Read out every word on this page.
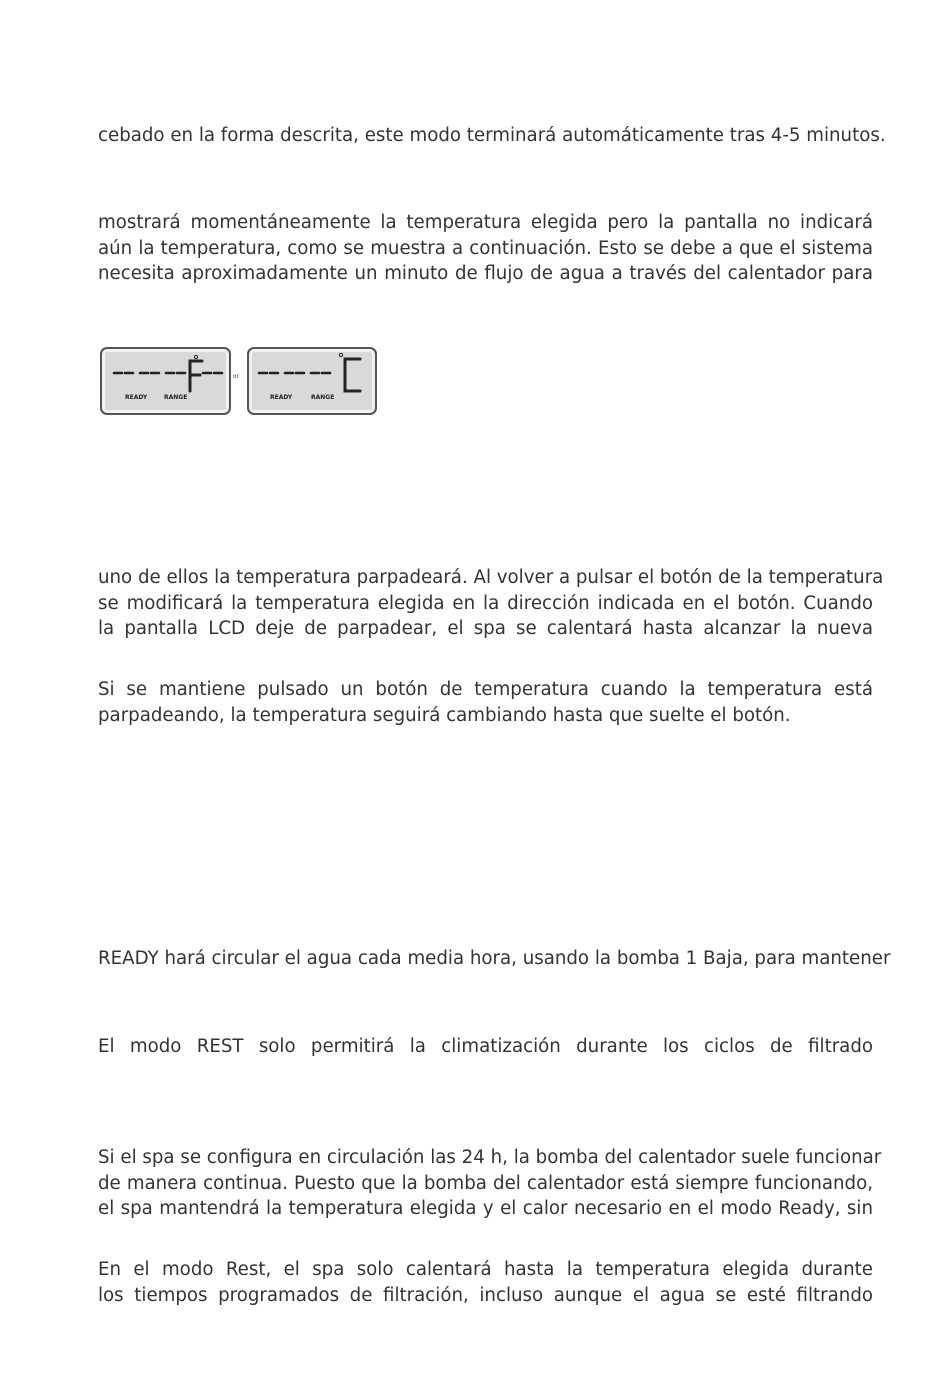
cebado en la forma descrita, este modo terminará automáticamente tras 4-5 minutos.
mostrará momentáneamente la temperatura elegida pero la pantalla no indicará
aún la temperatura, como se muestra a continuación. Esto se debe a que el sistema
necesita aproximadamente un minuto de flujo de agua a través del calentador para
READY	RANGE
or
READY	RANGE
uno de ellos la temperatura parpadeará. Al volver a pulsar el botón de la temperatura
se modificará la temperatura elegida en la dirección indicada en el botón. Cuando
la pantalla LCD deje de parpadear, el spa se calentará hasta alcanzar la nueva
Si se mantiene pulsado un botón de temperatura cuando la temperatura está
parpadeando, la temperatura seguirá cambiando hasta que suelte el botón.
READY hará circular el agua cada media hora, usando la bomba 1 Baja, para mantener
El modo REST solo permitirá la climatización durante los ciclos de filtrado
Si el spa se configura en circulación las 24 h, la bomba del calentador suele funcionar
de manera continua. Puesto que la bomba del calentador está siempre funcionando,
el spa mantendrá la temperatura elegida y el calor necesario en el modo Ready, sin
En el modo Rest, el spa solo calentará hasta la temperatura elegida durante
los tiempos programados de filtración, incluso aunque el agua se esté filtrando
